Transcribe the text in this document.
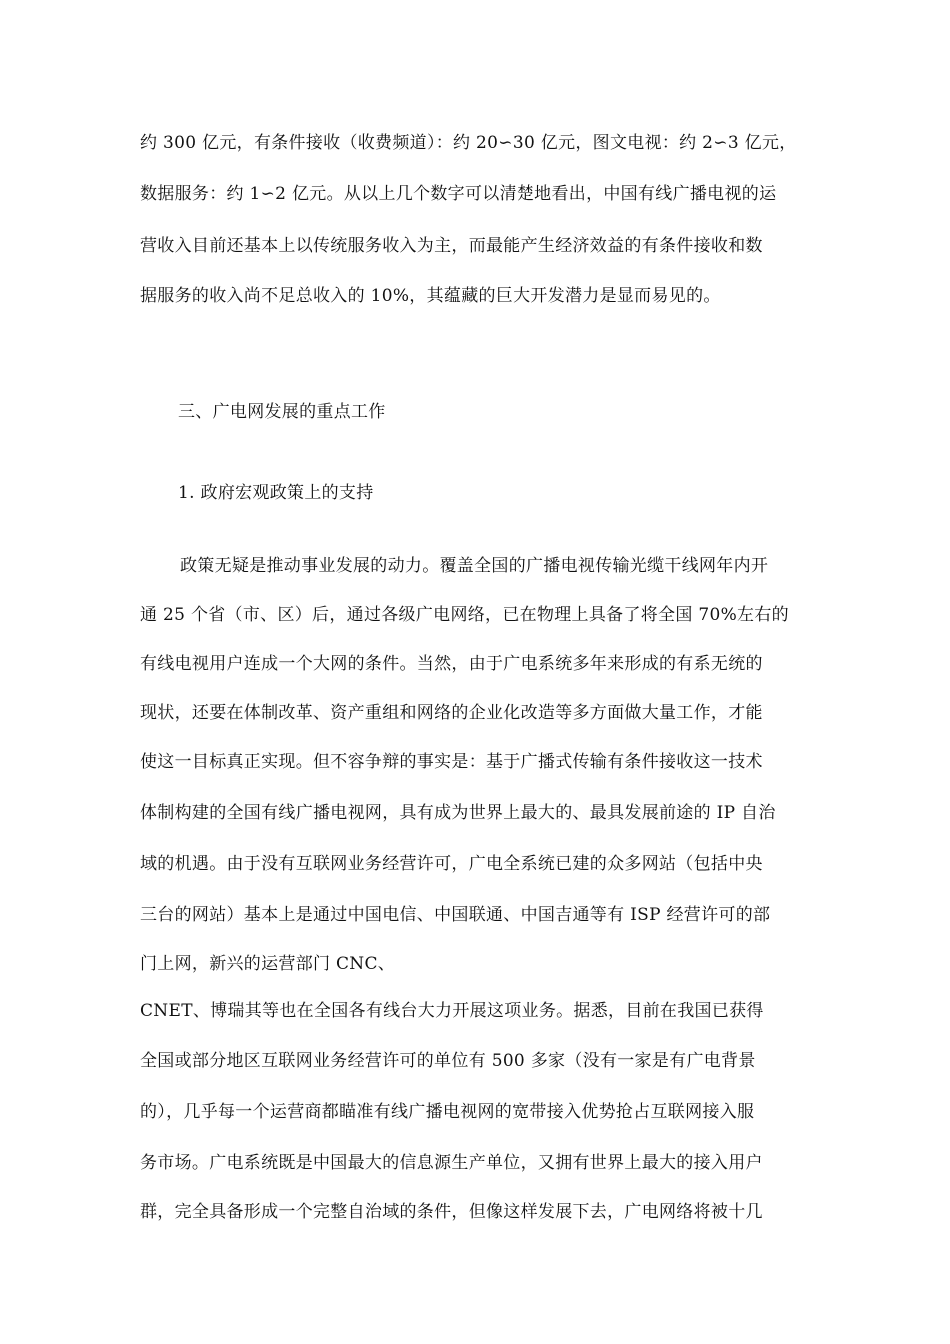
约 300 亿元，有条件接收（收费频道）：约 20∽30 亿元，图文电视：约 2∽3 亿元，
数据服务：约 1∽2 亿元。从以上几个数字可以清楚地看出，中国有线广播电视的运
营收入目前还基本上以传统服务收入为主，而最能产生经济效益的有条件接收和数
据服务的收入尚不足总收入的 10%，其蕴藏的巨大开发潜力是显而易见的。
三、广电网发展的重点工作
1. 政府宏观政策上的支持
政策无疑是推动事业发展的动力。覆盖全国的广播电视传输光缆干线网年内开
通 25 个省（市、区）后，通过各级广电网络，已在物理上具备了将全国 70%左右的
有线电视用户连成一个大网的条件。当然，由于广电系统多年来形成的有系无统的
现状，还要在体制改革、资产重组和网络的企业化改造等多方面做大量工作，才能
使这一目标真正实现。但不容争辩的事实是：基于广播式传输有条件接收这一技术
体制构建的全国有线广播电视网，具有成为世界上最大的、最具发展前途的 IP 自治
域的机遇。由于没有互联网业务经营许可，广电全系统已建的众多网站（包括中央
三台的网站）基本上是通过中国电信、中国联通、中国吉通等有 ISP 经营许可的部
门上网，新兴的运营部门 CNC、
CNET、博瑞其等也在全国各有线台大力开展这项业务。据悉，目前在我国已获得
全国或部分地区互联网业务经营许可的单位有 500 多家（没有一家是有广电背景
的），几乎每一个运营商都瞄准有线广播电视网的宽带接入优势抢占互联网接入服
务市场。广电系统既是中国最大的信息源生产单位，又拥有世界上最大的接入用户
群，完全具备形成一个完整自治域的条件，但像这样发展下去，广电网络将被十几
